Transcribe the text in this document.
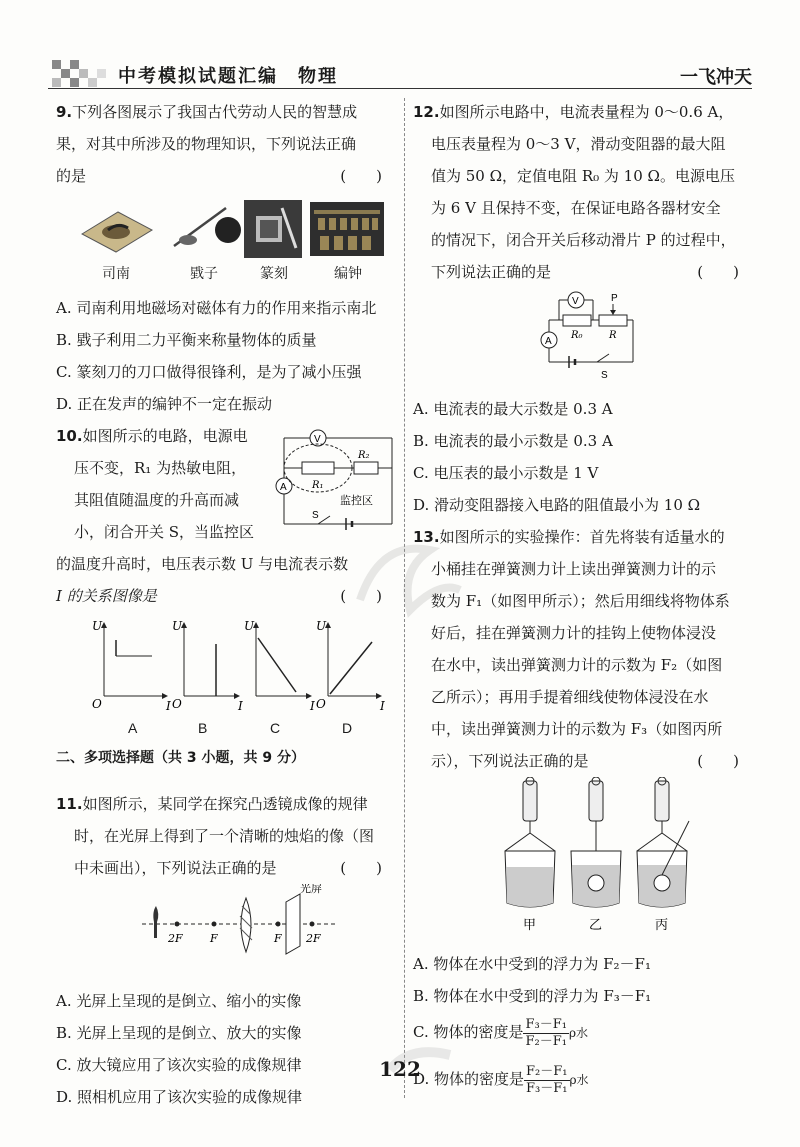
中考模拟试题汇编　物理	一飞冲天

9.下列各图展示了我国古代劳动人民的智慧成

果，对其中所涉及的物理知识，下列说法正确

的是	(　　)

司南	戥子	篆刻	编钟

A. 司南利用地磁场对磁体有力的作用来指示南北

B. 戥子利用二力平衡来称量物体的质量

C. 篆刻刀的刀口做得很锋利，是为了减小压强

D. 正在发声的编钟不一定在振动

10.如图所示的电路，电源电

压不变，R₁ 为热敏电阻，

其阻值随温度的升高而减

小，闭合开关 S，当监控区

V
A	R₁
R₂
监控区
S

的温度升高时，电压表示数 U 与电流表示数

I 的关系图像是	(　　)

U
O	I
U
O	I
U
I
U
O	I
A	B	C	D

二、多项选择题（共 3 小题，共 9 分）

11.如图所示，某同学在探究凸透镜成像的规律

时，在光屏上得到了一个清晰的烛焰的像（图

中未画出），下列说法正确的是	(　　)

光屏
2F F	F 2F

A. 光屏上呈现的是倒立、缩小的实像

B. 光屏上呈现的是倒立、放大的实像

C. 放大镜应用了该次实验的成像规律

D. 照相机应用了该次实验的成像规律

12.如图所示电路中，电流表量程为 0～0.6 A，

电压表量程为 0～3 V，滑动变阻器的最大阻

值为 50 Ω，定值电阻 R₀ 为 10 Ω。电源电压

为 6 V 且保持不变，在保证电路各器材安全

的情况下，闭合开关后移动滑片 P 的过程中，

下列说法正确的是	(　　)

V	P
R₀	R
A
S

A. 电流表的最大示数是 0.3 A

B. 电流表的最小示数是 0.3 A

C. 电压表的最小示数是 1 V

D. 滑动变阻器接入电路的阻值最小为 10 Ω

13.如图所示的实验操作：首先将装有适量水的

小桶挂在弹簧测力计上读出弹簧测力计的示

数为 F₁（如图甲所示）；然后用细线将物体系

好后，挂在弹簧测力计的挂钩上使物体浸没

在水中，读出弹簧测力计的示数为 F₂（如图

乙所示）；再用手提着细线使物体浸没在水

中，读出弹簧测力计的示数为 F₃（如图丙所

示），下列说法正确的是	(　　)

甲	乙	丙

A. 物体在水中受到的浮力为 F₂－F₁

B. 物体在水中受到的浮力为 F₃－F₁

C. 物体的密度是 $\frac{\text{F₃－F₁}}{\text{F₂－F₁}}$ ρ水

D. 物体的密度是 $\frac{\text{F₂－F₁}}{\text{F₃－F₁}}$ ρ水

122
